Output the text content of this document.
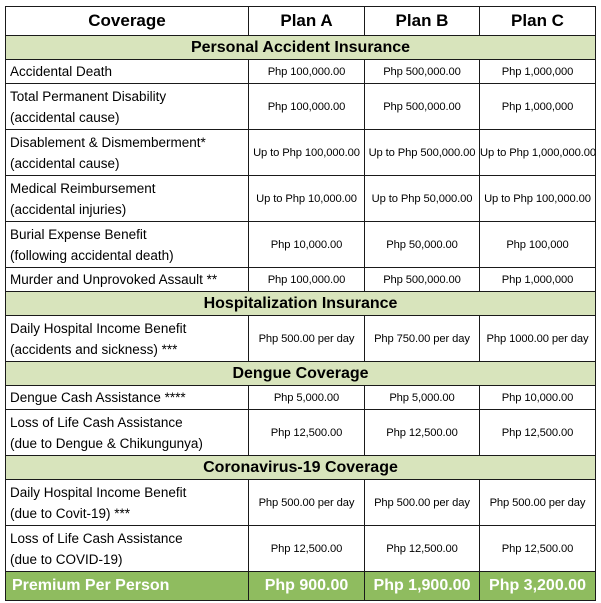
Coverage	Plan A	Plan B	Plan C
Personal Accident Insurance			

Accidental Death	Php 100,000.00	Php 500,000.00	Php 1,000,000

Total Permanent Disability
(accidental cause)	Php 100,000.00	Php 500,000.00	Php 1,000,000

Disablement & Dismemberment*
(accidental cause)	Up to Php 100,000.00	Up to Php 500,000.00	Up to Php 1,000,000.00

Medical Reimbursement
(accidental injuries)	Up to Php 10,000.00	Up to Php 50,000.00	Up to Php 100,000.00

Burial Expense Benefit
(following accidental death)	Php 10,000.00	Php 50,000.00	Php 100,000

Murder and Unprovoked Assault **	Php 100,000.00	Php 500,000.00	Php 1,000,000
Hospitalization Insurance			

Daily Hospital Income Benefit
(accidents and sickness) ***	Php 500.00 per day	Php 750.00 per day	Php 1000.00 per day
Dengue Coverage			

Dengue Cash Assistance ****	Php 5,000.00	Php 5,000.00	Php 10,000.00

Loss of Life Cash Assistance
(due to Dengue & Chikungunya)	Php 12,500.00	Php 12,500.00	Php 12,500.00
Coronavirus-19 Coverage			

Daily Hospital Income Benefit
(due to Covit-19) ***	Php 500.00 per day	Php 500.00 per day	Php 500.00 per day

Loss of Life Cash Assistance
(due to COVID-19)	Php 12,500.00	Php 12,500.00	Php 12,500.00
Premium Per Person	Php 900.00	Php 1,900.00	Php 3,200.00
